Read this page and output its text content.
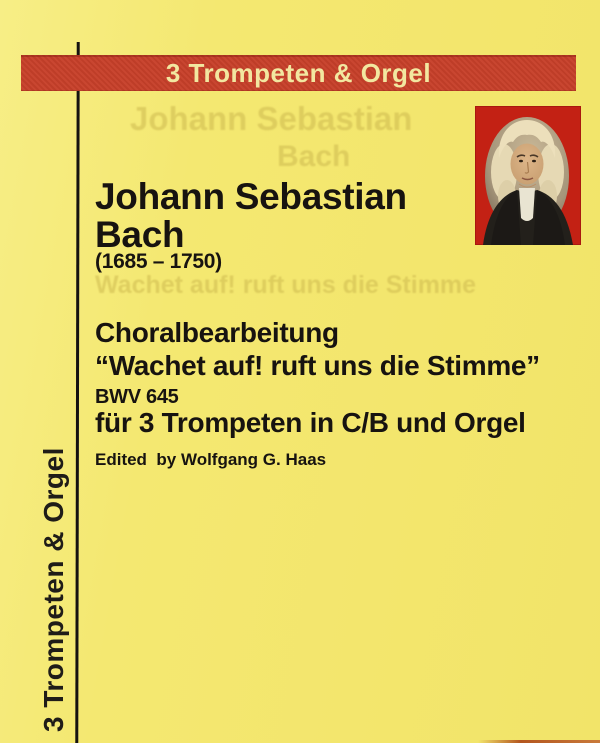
Johann Sebastian
Bach
Wachet auf! ruft uns die Stimme
3 Trompeten & Orgel
Johann Sebastian
Bach
(1685 – 1750)
Choralbearbeitung
“Wachet auf! ruft uns die Stimme”
BWV 645
für 3 Trompeten in C/B und Orgel
Edited  by Wolfgang G. Haas
3 Trompeten & Orgel
